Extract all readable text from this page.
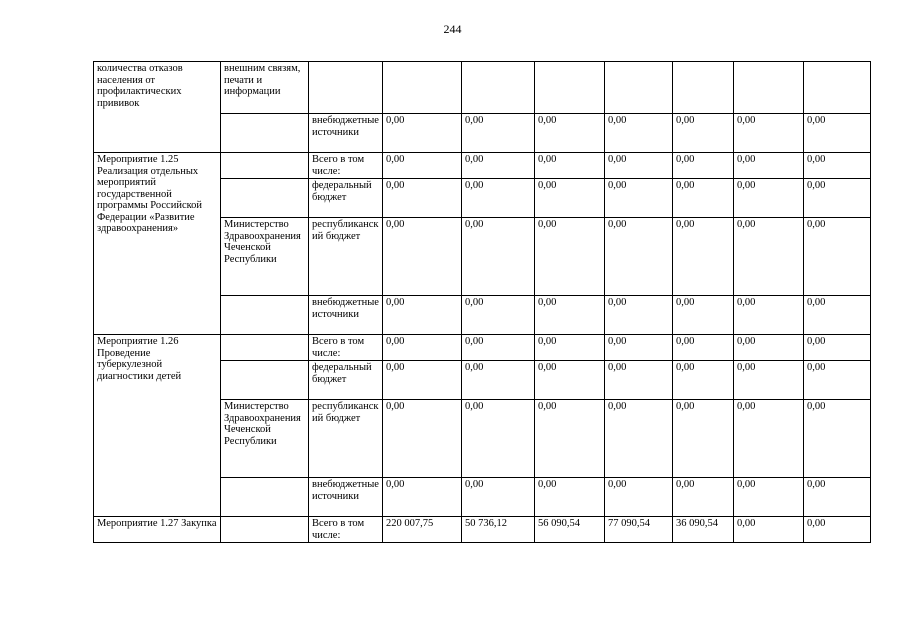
244
количества отказов населения от профилактических прививок	внешним связям, печати и информации								
		внебюджетные источники	0,00	0,00	0,00	0,00	0,00	0,00	0,00
Мероприятие 1.25 Реализация отдельных мероприятий государственной программы Российской Федерации «Развитие здравоохранения»		Всего в том числе:	0,00	0,00	0,00	0,00	0,00	0,00	0,00
		федеральный бюджет	0,00	0,00	0,00	0,00	0,00	0,00	0,00
	Министерство Здравоохранения Чеченской Республики	республиканский бюджет	0,00	0,00	0,00	0,00	0,00	0,00	0,00
		внебюджетные источники	0,00	0,00	0,00	0,00	0,00	0,00	0,00
Мероприятие 1.26 Проведение туберкулезной диагностики детей		Всего в том числе:	0,00	0,00	0,00	0,00	0,00	0,00	0,00
		федеральный бюджет	0,00	0,00	0,00	0,00	0,00	0,00	0,00
	Министерство Здравоохранения Чеченской Республики	республиканский бюджет	0,00	0,00	0,00	0,00	0,00	0,00	0,00
		внебюджетные источники	0,00	0,00	0,00	0,00	0,00	0,00	0,00
Мероприятие 1.27 Закупка		Всего в том числе:	220 007,75	50 736,12	56 090,54	77 090,54	36 090,54	0,00	0,00
